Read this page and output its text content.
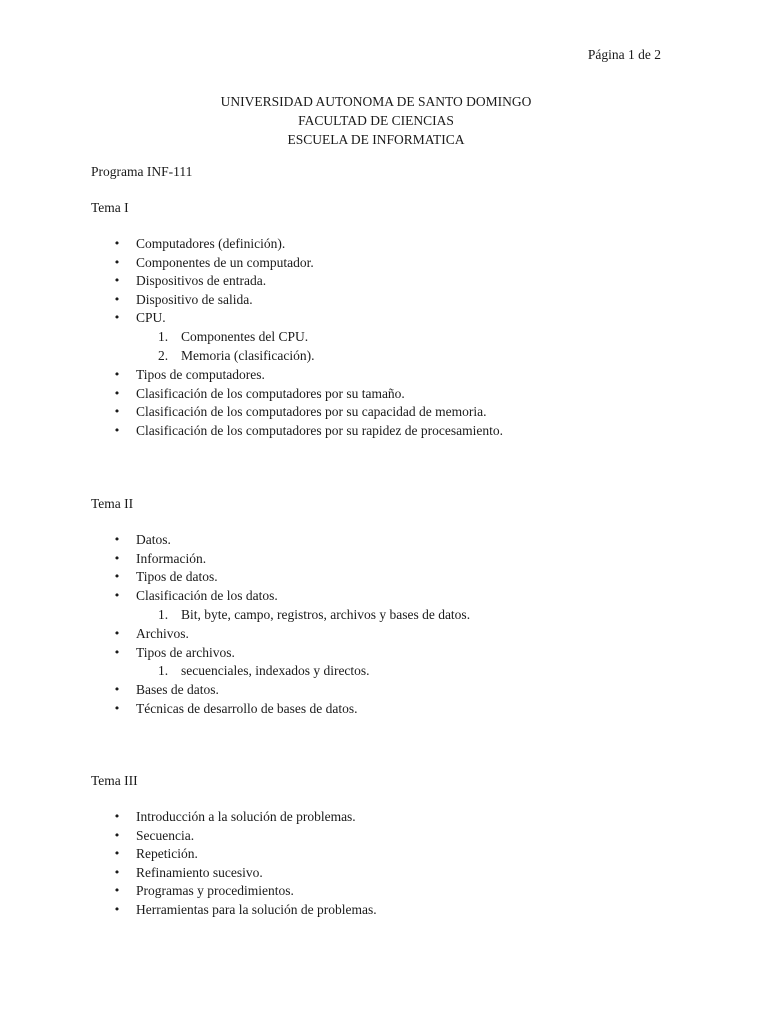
Página 1 de 2
UNIVERSIDAD AUTONOMA DE SANTO DOMINGO
FACULTAD DE CIENCIAS
ESCUELA DE INFORMATICA
Programa INF-111
Tema I
• Computadores (definición).
• Componentes de un computador.
• Dispositivos de entrada.
• Dispositivo de salida.
• CPU.
1. Componentes del CPU.
2. Memoria (clasificación).
• Tipos de computadores.
• Clasificación de los computadores por su tamaño.
• Clasificación de los computadores por su capacidad de memoria.
• Clasificación de los computadores por su rapidez de procesamiento.
Tema II
• Datos.
• Información.
• Tipos de datos.
• Clasificación de los datos.
1. Bit, byte, campo, registros, archivos y bases de datos.
• Archivos.
• Tipos de archivos.
1. secuenciales, indexados y directos.
• Bases de datos.
• Técnicas de desarrollo de bases de datos.
Tema III
• Introducción a la solución de problemas.
• Secuencia.
• Repetición.
• Refinamiento sucesivo.
• Programas y procedimientos.
• Herramientas para la solución de problemas.
